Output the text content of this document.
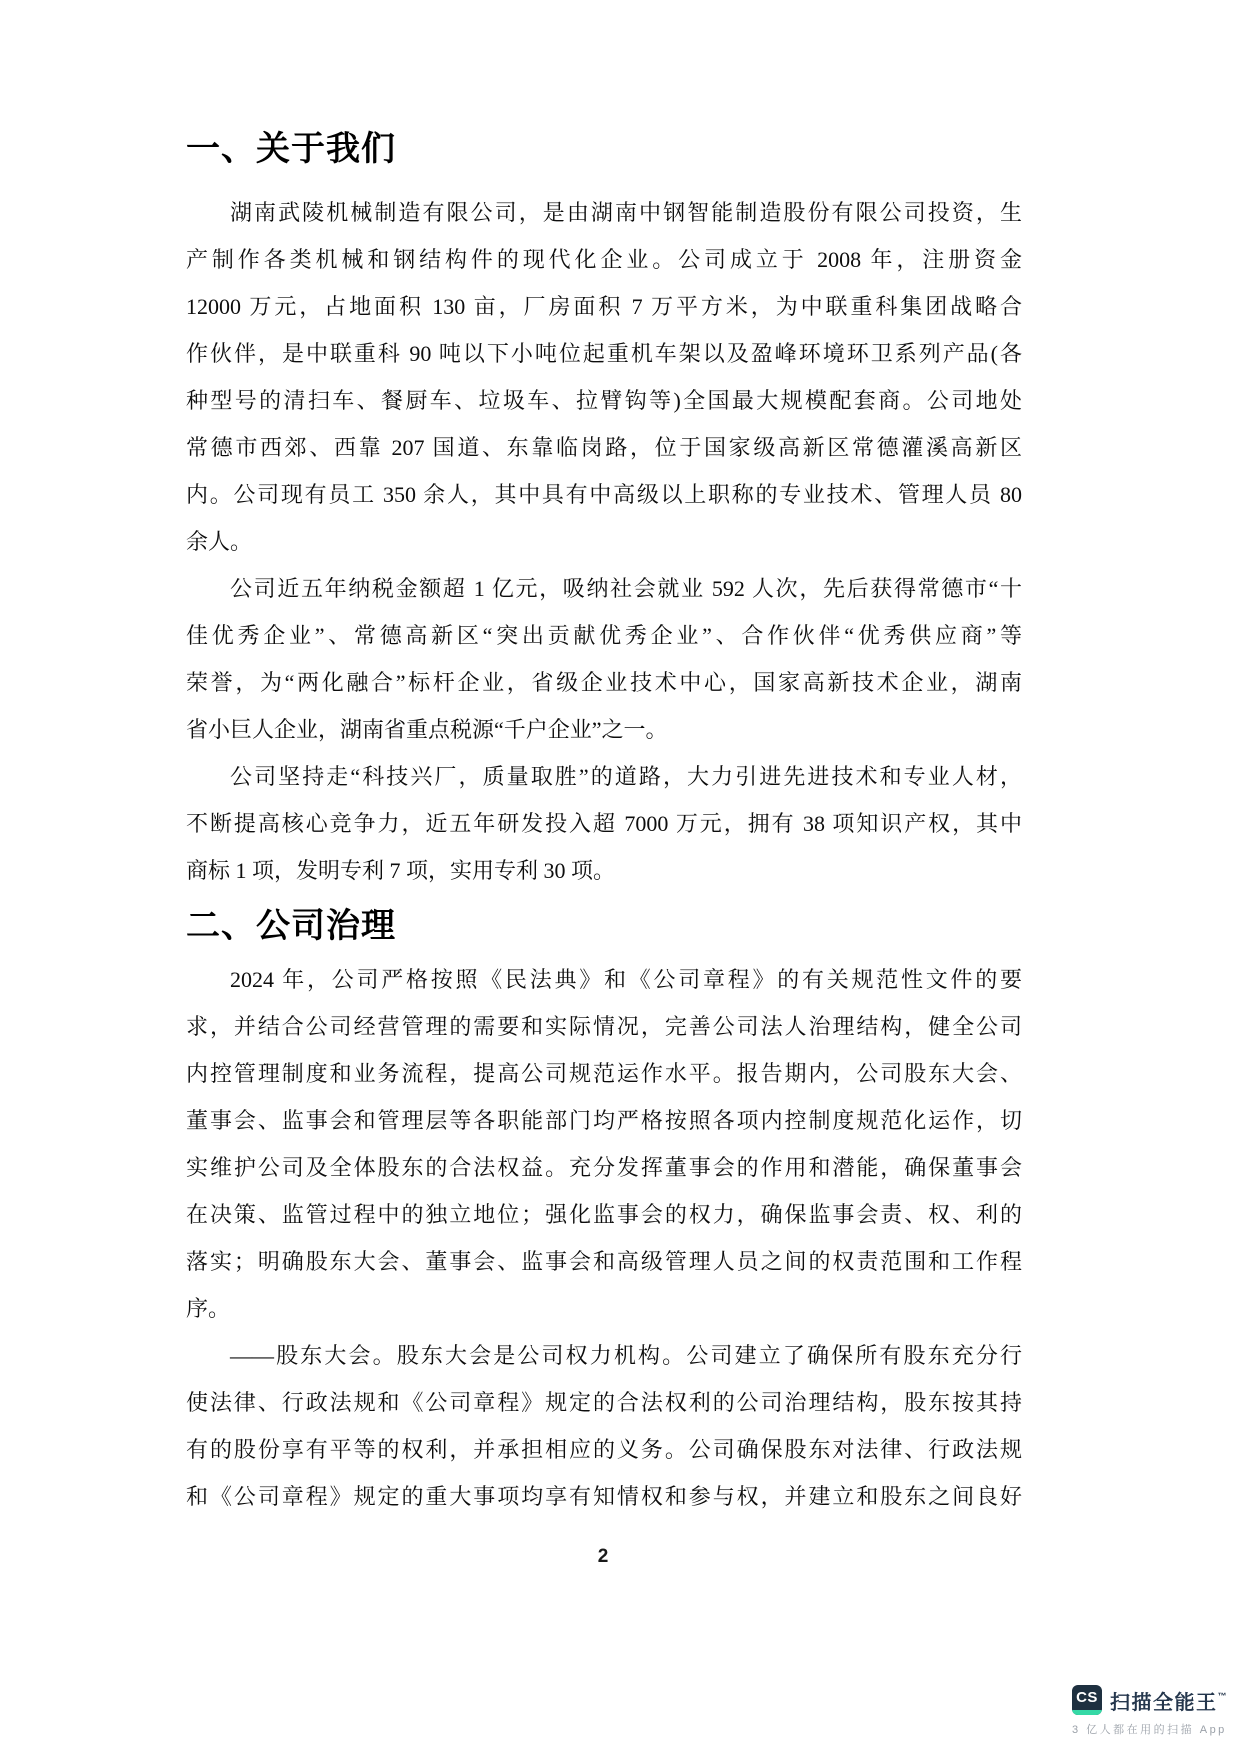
一、关于我们
湖南武陵机械制造有限公司，是由湖南中钢智能制造股份有限公司投资，生
产制作各类机械和钢结构件的现代化企业。公司成立于 2008 年，注册资金
12000 万元，占地面积 130 亩，厂房面积 7 万平方米，为中联重科集团战略合
作伙伴，是中联重科 90 吨以下小吨位起重机车架以及盈峰环境环卫系列产品(各
种型号的清扫车、餐厨车、垃圾车、拉臂钩等)全国最大规模配套商。公司地处
常德市西郊、西靠 207 国道、东靠临岗路，位于国家级高新区常德灌溪高新区
内。公司现有员工 350 余人，其中具有中高级以上职称的专业技术、管理人员 80
余人。
公司近五年纳税金额超 1 亿元，吸纳社会就业 592 人次，先后获得常德市“十
佳优秀企业”、常德高新区“突出贡献优秀企业”、合作伙伴“优秀供应商”等
荣誉，为“两化融合”标杆企业，省级企业技术中心，国家高新技术企业，湖南
省小巨人企业，湖南省重点税源“千户企业”之一。
公司坚持走“科技兴厂，质量取胜”的道路，大力引进先进技术和专业人材，
不断提高核心竞争力，近五年研发投入超 7000 万元，拥有 38 项知识产权，其中
商标 1 项，发明专利 7 项，实用专利 30 项。
二、公司治理
2024 年，公司严格按照《民法典》和《公司章程》的有关规范性文件的要
求，并结合公司经营管理的需要和实际情况，完善公司法人治理结构，健全公司
内控管理制度和业务流程，提高公司规范运作水平。报告期内，公司股东大会、
董事会、监事会和管理层等各职能部门均严格按照各项内控制度规范化运作，切
实维护公司及全体股东的合法权益。充分发挥董事会的作用和潜能，确保董事会
在决策、监管过程中的独立地位；强化监事会的权力，确保监事会责、权、利的
落实；明确股东大会、董事会、监事会和高级管理人员之间的权责范围和工作程
序。
——股东大会。股东大会是公司权力机构。公司建立了确保所有股东充分行
使法律、行政法规和《公司章程》规定的合法权利的公司治理结构，股东按其持
有的股份享有平等的权利，并承担相应的义务。公司确保股东对法律、行政法规
和《公司章程》规定的重大事项均享有知情权和参与权，并建立和股东之间良好
2
CS 扫描全能王™
3 亿人都在用的扫描 App
